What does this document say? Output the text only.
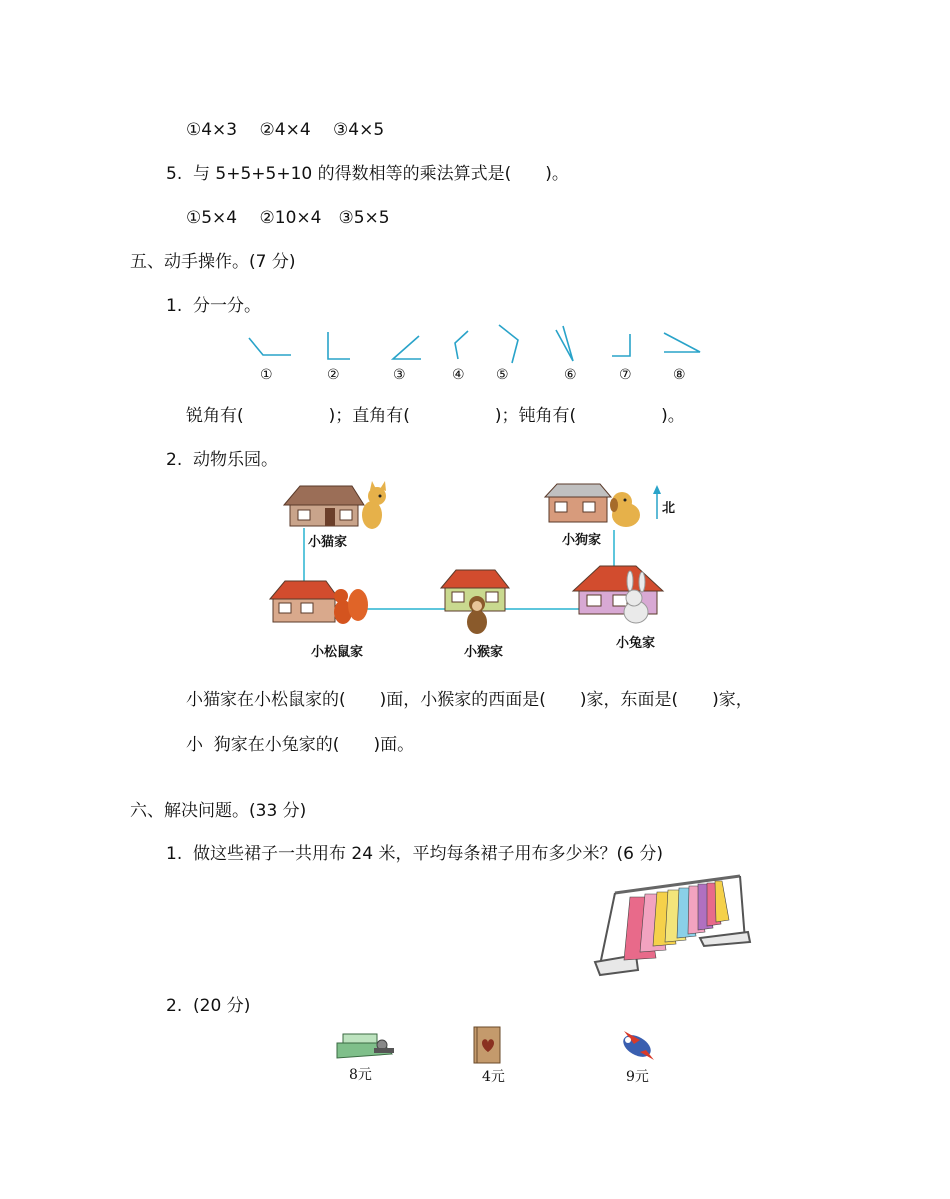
①4×3　 ②4×4　 ③4×5
5.  与 5+5+5+10 的得数相等的乘法算式是(　　)。
①5×4　 ②10×4　③5×5
五、动手操作。(7 分)
1.  分一分。
①	②	③	④ ⑤	⑥	⑦	⑧
锐角有(　　　　　)；直角有(　　　　　)；钝角有(　　　　　)。
2.  动物乐园。
北
小猫家	小狗家
小松鼠家	小猴家
小兔家
小猫家在小松鼠家的(　　)面，小猴家的西面是(　　)家，东面是(　　)家，
小  狗家在小兔家的(　　)面。
六、解决问题。(33 分)
1.  做这些裙子一共用布 24 米，平均每条裙子用布多少米？(6 分)
2.  (20 分)
8元	4元	9元
